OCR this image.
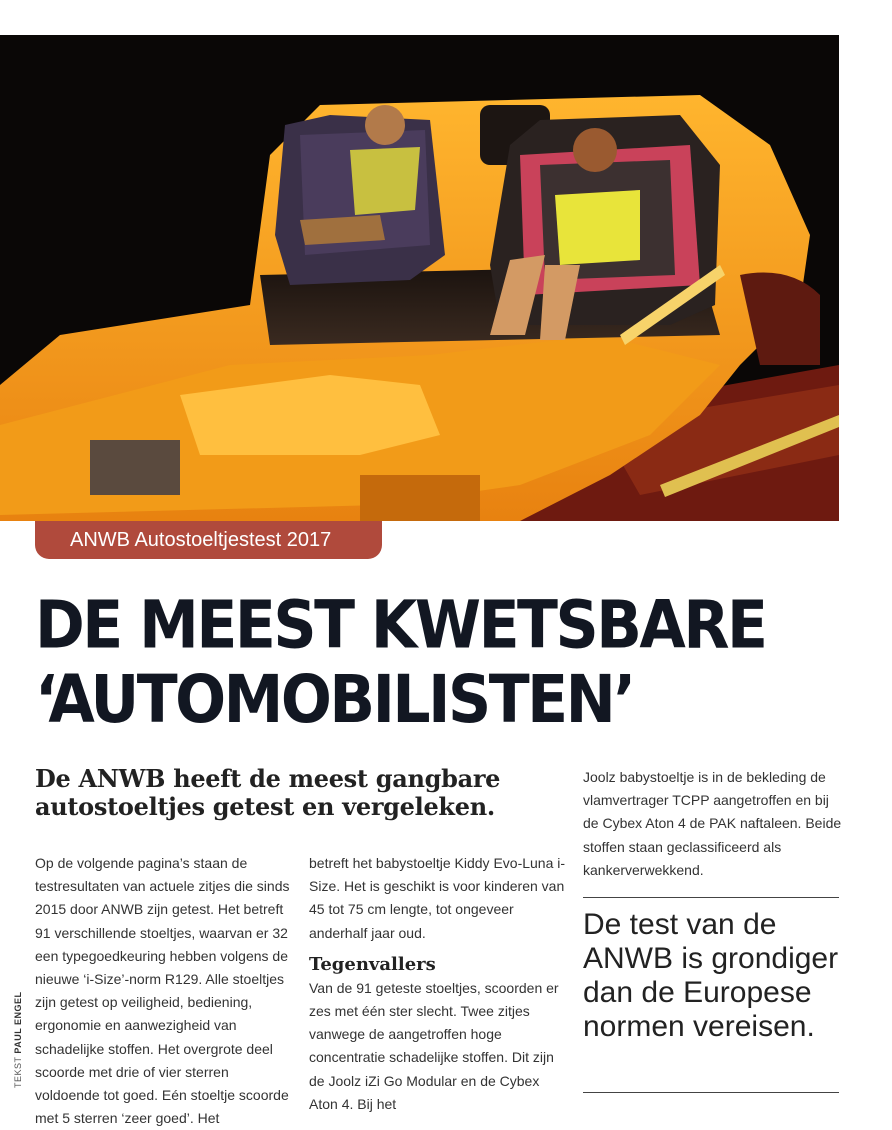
ANWB Autostoeltjestest 2017
DE MEEST KWETSBARE
‘AUTOMOBILISTEN’
De ANWB heeft de meest gangbare autostoeltjes getest en vergeleken.

Op de volgende pagina’s staan de testresultaten van actuele zitjes die sinds 2015 door ANWB zijn getest. Het betreft 91 verschillende stoeltjes, waarvan er 32 een typegoedkeuring hebben volgens de nieuwe ‘i-Size’-norm R129. Alle stoeltjes zijn getest op veiligheid, bediening, ergonomie en aanwezigheid van schadelijke stoffen. Het overgrote deel scoorde met drie of vier sterren voldoende tot goed. Eén stoeltje scoorde met 5 sterren ‘zeer goed’. Het

betreft het babystoeltje Kiddy Evo-Luna i-Size. Het is geschikt is voor kinderen van 45 tot 75 cm lengte, tot ongeveer anderhalf jaar oud.

Tegenvallers

Van de 91 geteste stoeltjes, scoorden er zes met één ster slecht. Twee zitjes vanwege de aangetroffen hoge concentratie schadelijke stoffen. Dit zijn de Joolz iZi Go Modular en de Cybex Aton 4. Bij het

Joolz babystoeltje is in de bekleding de vlamvertrager TCPP aangetroffen en bij de Cybex Aton 4 de PAK naftaleen. Beide stoffen staan geclassificeerd als kankerverwekkend.

De test van de ANWB is grondiger dan de Europese normen vereisen.

TEKST PAUL ENGEL
